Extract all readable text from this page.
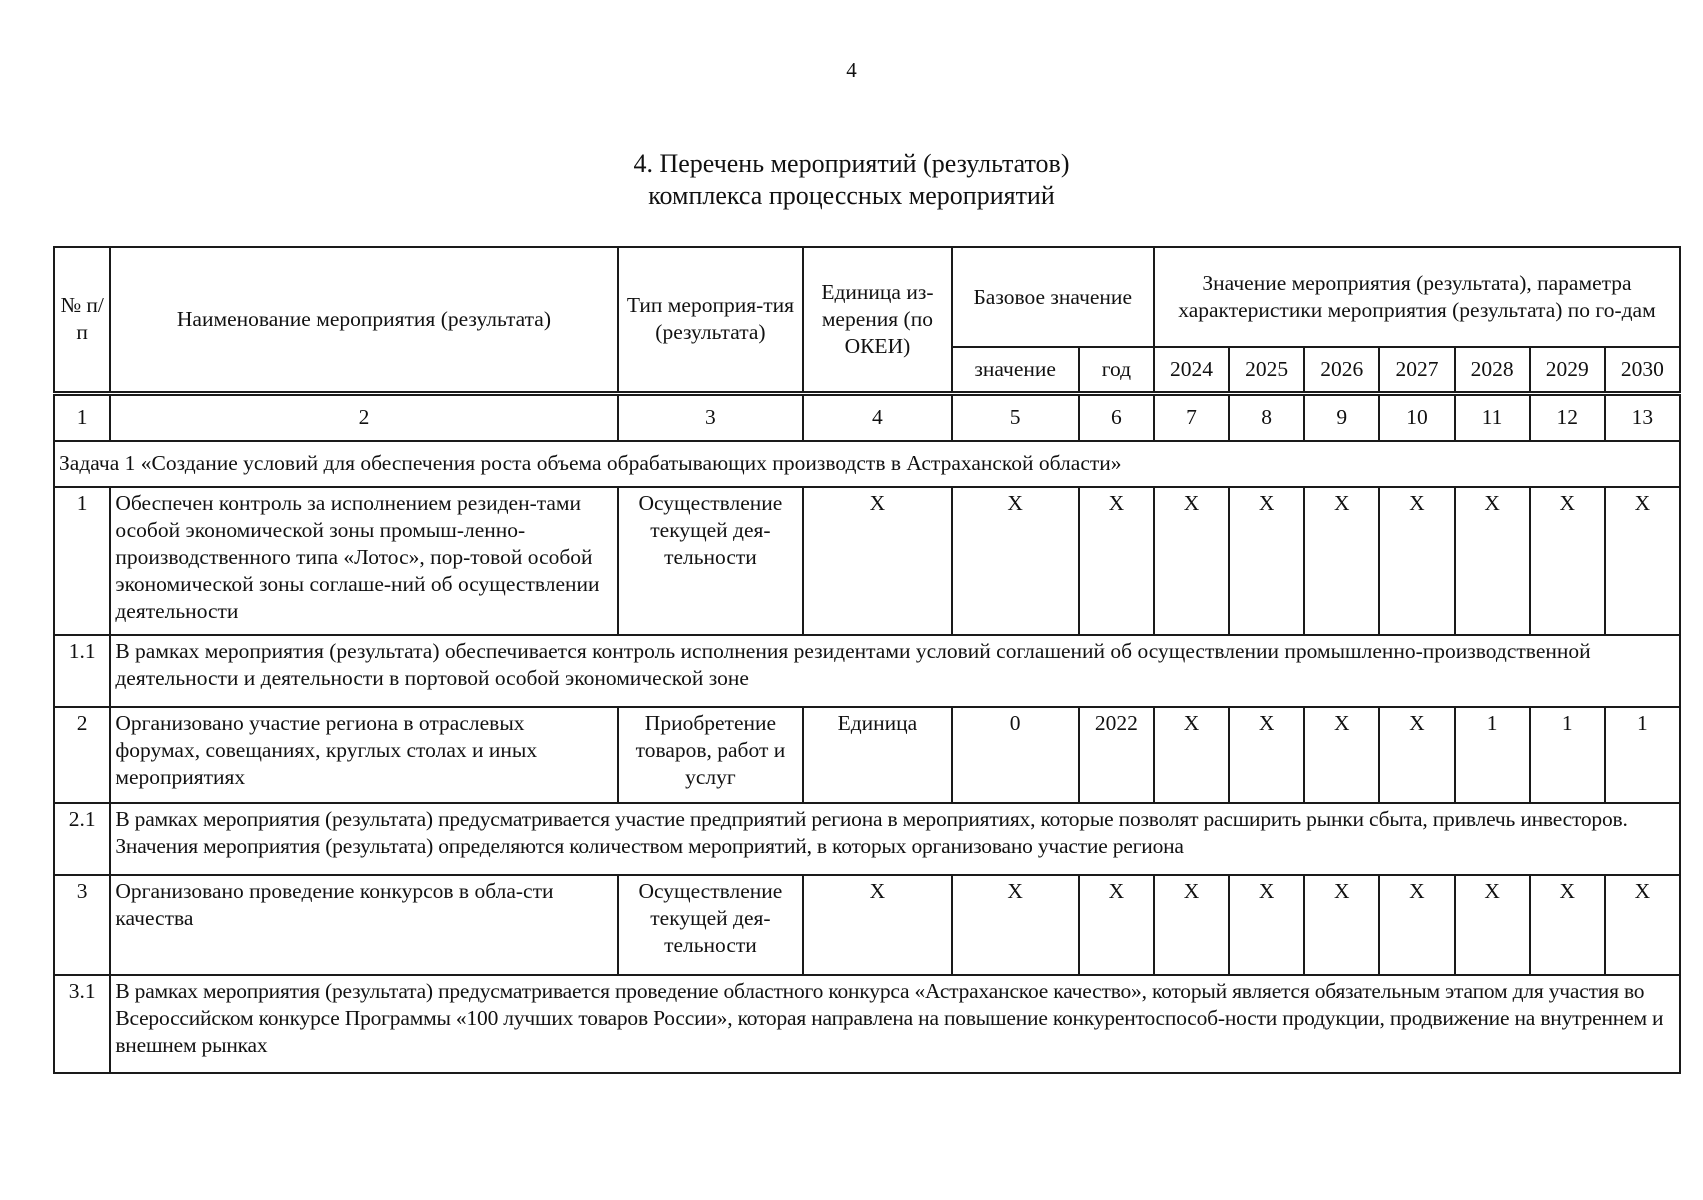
4
4. Перечень мероприятий (результатов)
комплекса процессных мероприятий
№ п/п	Наименование мероприятия (результата)	Тип мероприя-тия (результата)	Единица из-мерения (по ОКЕИ)	Базовое значение		Значение мероприятия (результата), параметра характеристики мероприятия (результата) по го-дам						
				значение	год	2024	2025	2026	2027	2028	2029	2030
1	2	3	4	5	6	7	8	9	10	11	12	13
Задача 1 «Создание условий для обеспечения роста объема обрабатывающих производств в Астраханской области»												
1	Обеспечен контроль за исполнением резиден-тами особой экономической зоны промыш-ленно-производственного типа «Лотос», пор-товой особой экономической зоны соглаше-ний об осуществлении деятельности	Осуществление текущей дея-тельности	X	X	X	X	X	X	X	X	X	X
1.1	В рамках мероприятия (результата) обеспечивается контроль исполнения резидентами условий соглашений об осуществлении промышленно-производственной деятельности и деятельности в портовой особой экономической зоне											
2	Организовано участие региона в отраслевых форумах, совещаниях, круглых столах и иных мероприятиях	Приобретение товаров, работ и услуг	Единица	0	2022	X	X	X	X	1	1	1
2.1	В рамках мероприятия (результата) предусматривается участие предприятий региона в мероприятиях, которые позволят расширить рынки сбыта, привлечь инвесторов. Значения мероприятия (результата) определяются количеством мероприятий, в которых организовано участие региона											
3	Организовано проведение конкурсов в обла-сти качества	Осуществление текущей дея-тельности	X	X	X	X	X	X	X	X	X	X
3.1	В рамках мероприятия (результата) предусматривается проведение областного конкурса «Астраханское качество», который является обязательным этапом для участия во Всероссийском конкурсе Программы «100 лучших товаров России», которая направлена на повышение конкурентоспособ-ности продукции, продвижение на внутреннем и внешнем рынках											
